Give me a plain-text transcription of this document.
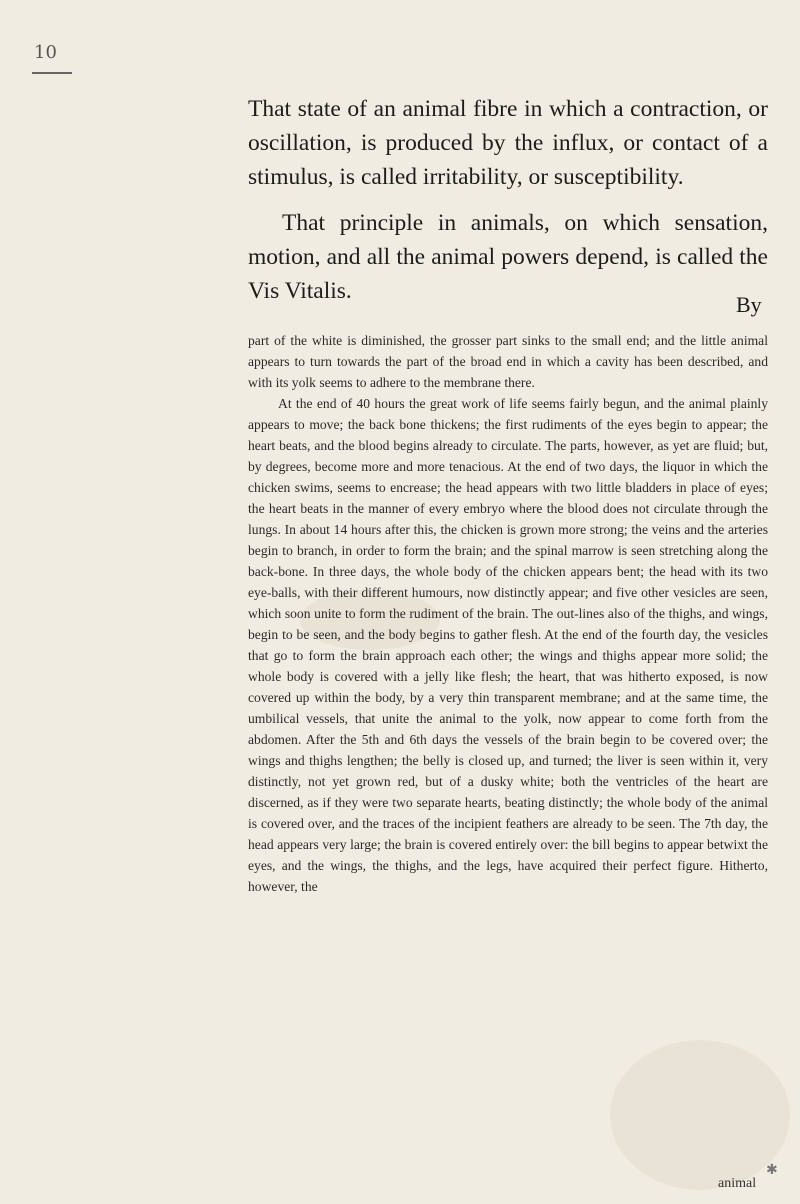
10

That state of an animal fibre in which a contraction, or oscillation, is produced by the influx, or contact of a stimulus, is called irritability, or susceptibility.

That principle in animals, on which sensation, motion, and all the animal powers depend, is called the Vis Vitalis.

By

part of the white is diminished, the grosser part sinks to the small end; and the little animal appears to turn towards the part of the broad end in which a cavity has been described, and with its yolk seems to adhere to the membrane there.

At the end of 40 hours the great work of life seems fairly begun, and the animal plainly appears to move; the back bone thickens; the first rudiments of the eyes begin to appear; the heart beats, and the blood begins already to circulate. The parts, however, as yet are fluid; but, by degrees, become more and more tenacious. At the end of two days, the liquor in which the chicken swims, seems to encrease; the head appears with two little bladders in place of eyes; the heart beats in the manner of every embryo where the blood does not circulate through the lungs. In about 14 hours after this, the chicken is grown more strong; the veins and the arteries begin to branch, in order to form the brain; and the spinal marrow is seen stretching along the back-bone. In three days, the whole body of the chicken appears bent; the head with its two eye-balls, with their different humours, now distinctly appear; and five other vesicles are seen, which soon unite to form the rudiment of the brain. The out-lines also of the thighs, and wings, begin to be seen, and the body begins to gather flesh. At the end of the fourth day, the vesicles that go to form the brain approach each other; the wings and thighs appear more solid; the whole body is covered with a jelly like flesh; the heart, that was hitherto exposed, is now covered up within the body, by a very thin transparent membrane; and at the same time, the umbilical vessels, that unite the animal to the yolk, now appear to come forth from the abdomen. After the 5th and 6th days the vessels of the brain begin to be covered over; the wings and thighs lengthen; the belly is closed up, and turned; the liver is seen within it, very distinctly, not yet grown red, but of a dusky white; both the ventricles of the heart are discerned, as if they were two separate hearts, beating distinctly; the whole body of the animal is covered over, and the traces of the incipient feathers are already to be seen. The 7th day, the head appears very large; the brain is covered entirely over: the bill begins to appear betwixt the eyes, and the wings, the thighs, and the legs, have acquired their perfect figure. Hitherto, however, the

animal
✱
